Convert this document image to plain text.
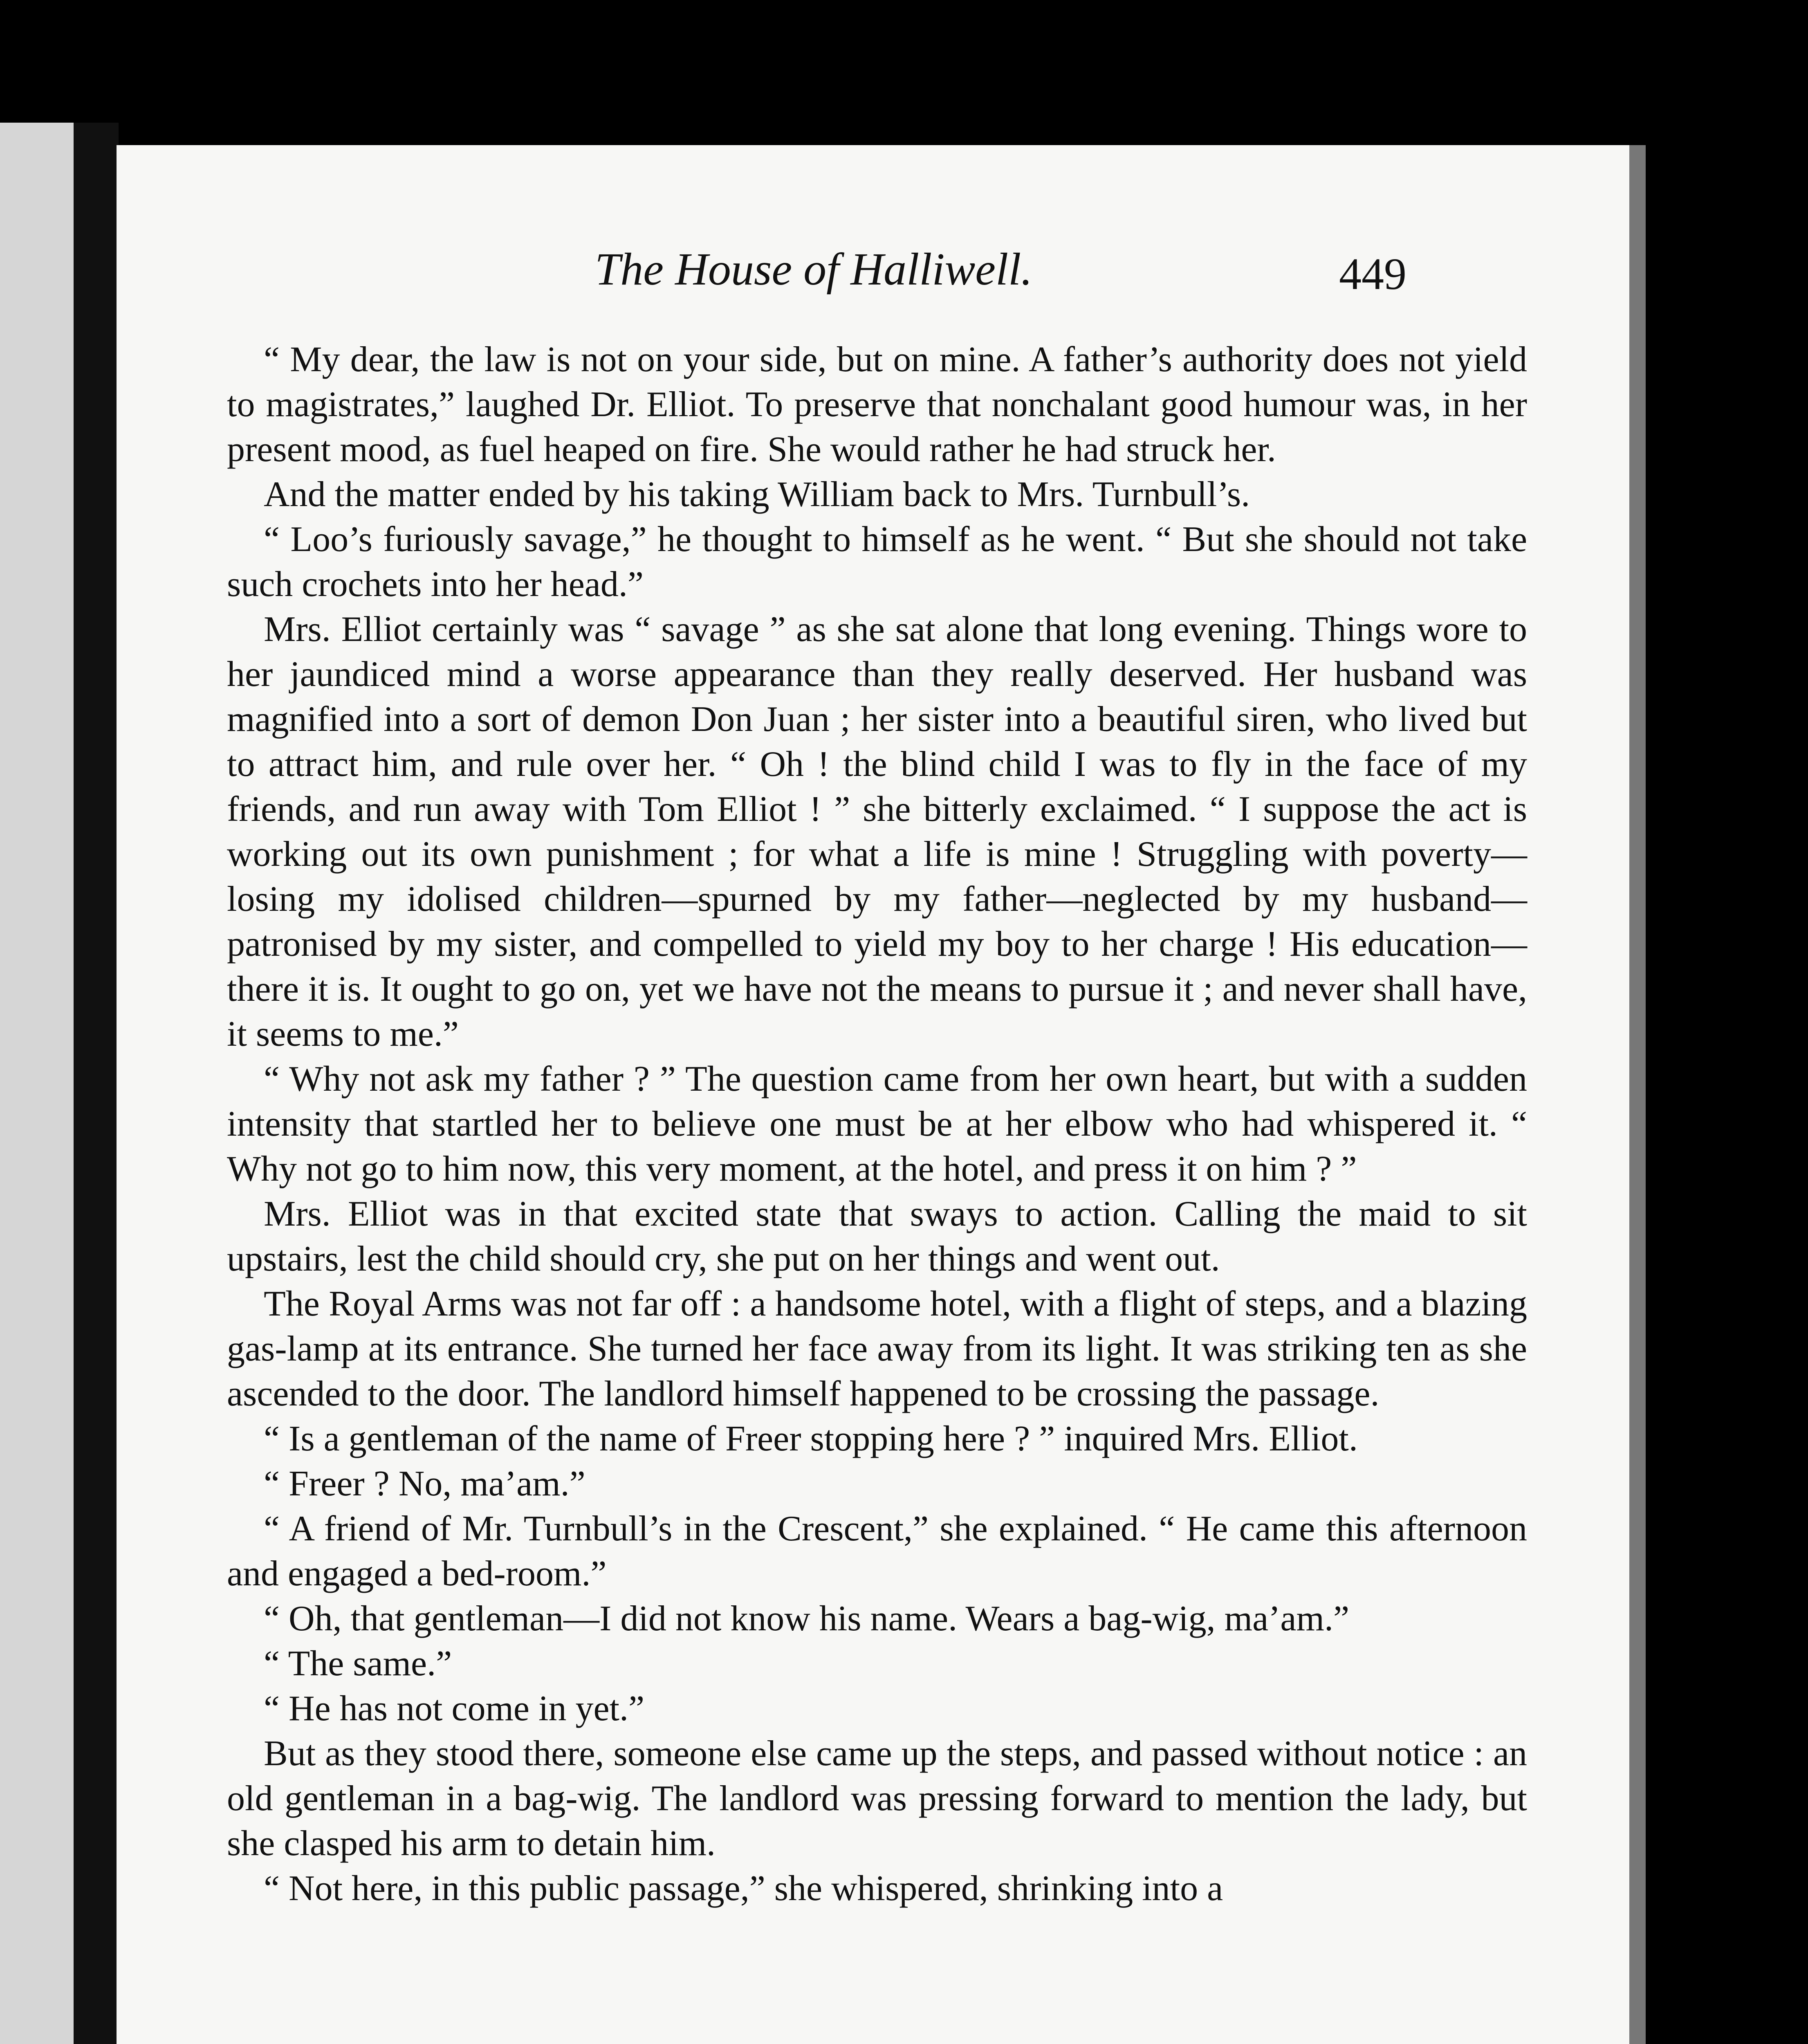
The House of Halliwell.	449

“ My dear, the law is not on your side, but on mine. A father’s authority does not yield to magistrates,” laughed Dr. Elliot. To preserve that nonchalant good humour was, in her present mood, as fuel heaped on fire. She would rather he had struck her.

And the matter ended by his taking William back to Mrs. Turnbull’s.

“ Loo’s furiously savage,” he thought to himself as he went. “ But she should not take such crochets into her head.”

Mrs. Elliot certainly was “ savage ” as she sat alone that long evening. Things wore to her jaundiced mind a worse appearance than they really deserved. Her husband was magnified into a sort of demon Don Juan ; her sister into a beautiful siren, who lived but to attract him, and rule over her. “ Oh ! the blind child I was to fly in the face of my friends, and run away with Tom Elliot ! ” she bitterly exclaimed. “ I suppose the act is working out its own punishment ; for what a life is mine ! Struggling with poverty—losing my idolised children—spurned by my father—neglected by my husband—patronised by my sister, and compelled to yield my boy to her charge ! His education—there it is. It ought to go on, yet we have not the means to pursue it ; and never shall have, it seems to me.”

“ Why not ask my father ? ” The question came from her own heart, but with a sudden intensity that startled her to believe one must be at her elbow who had whispered it. “ Why not go to him now, this very moment, at the hotel, and press it on him ? ”

Mrs. Elliot was in that excited state that sways to action. Calling the maid to sit upstairs, lest the child should cry, she put on her things and went out.

The Royal Arms was not far off : a handsome hotel, with a flight of steps, and a blazing gas-lamp at its entrance. She turned her face away from its light. It was striking ten as she ascended to the door. The landlord himself happened to be crossing the passage.

“ Is a gentleman of the name of Freer stopping here ? ” inquired Mrs. Elliot.

“ Freer ? No, ma’am.”

“ A friend of Mr. Turnbull’s in the Crescent,” she explained. “ He came this afternoon and engaged a bed-room.”

“ Oh, that gentleman—I did not know his name. Wears a bag-wig, ma’am.”

“ The same.”

“ He has not come in yet.”

But as they stood there, someone else came up the steps, and passed without notice : an old gentleman in a bag-wig. The landlord was pressing forward to mention the lady, but she clasped his arm to detain him.

“ Not here, in this public passage,” she whispered, shrinking into a
